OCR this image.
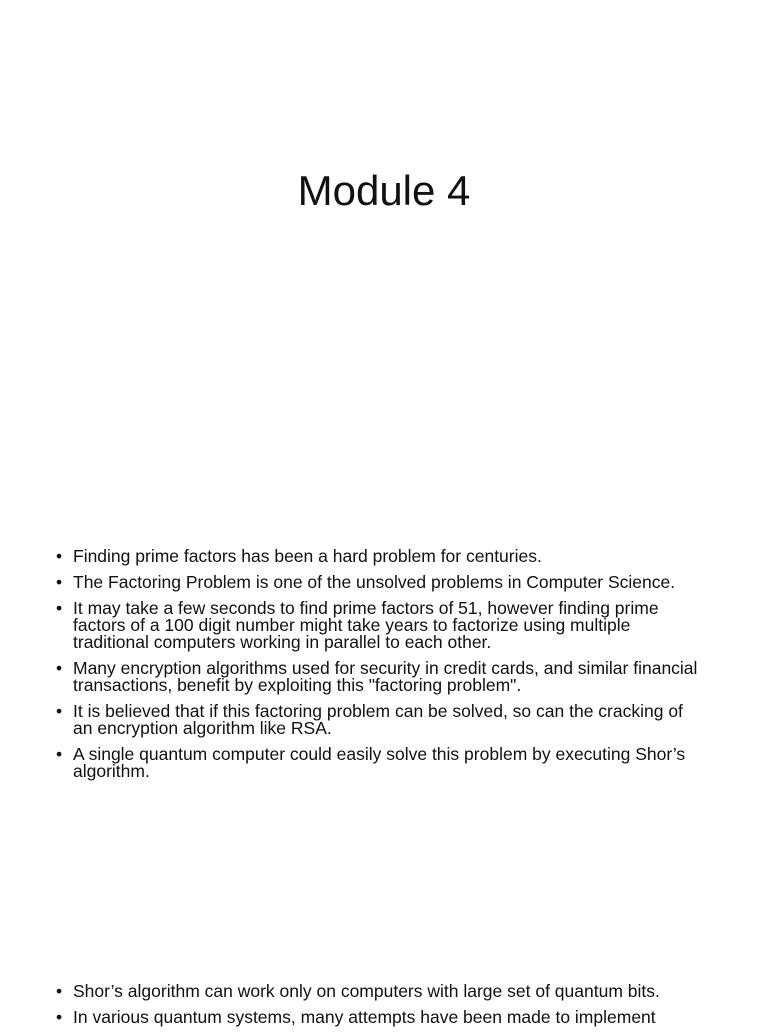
Module 4
• Finding prime factors has been a hard problem for centuries.
• The Factoring Problem is one of the unsolved problems in Computer Science.
• It may take a few seconds to find prime factors of 51, however finding prime factors of a 100 digit number might take years to factorize using multiple traditional computers working in parallel to each other.
• Many encryption algorithms used for security in credit cards, and similar financial transactions, benefit by exploiting this "factoring problem".
• It is believed that if this factoring problem can be solved, so can the cracking of an encryption algorithm like RSA.
• A single quantum computer could easily solve this problem by executing Shor’s algorithm.
• Shor’s algorithm can work only on computers with large set of quantum bits.
• In various quantum systems, many attempts have been made to implement
